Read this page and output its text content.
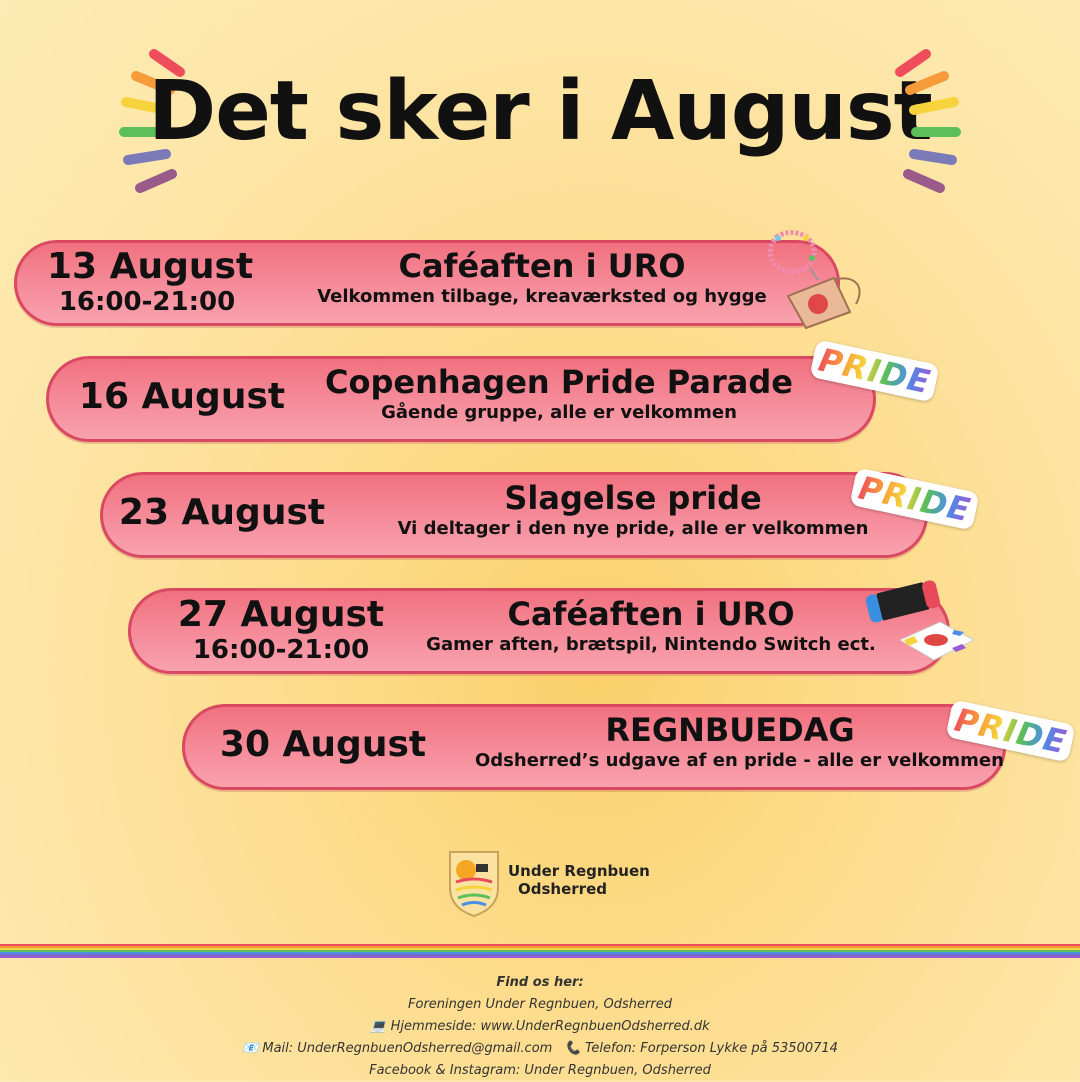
Det sker i August
13 August
16:00-21:00
Caféaften i URO
Velkommen tilbage, kreaværksted og hygge
16 August	Copenhagen Pride Parade
Gående gruppe, alle er velkommen
PRIDE
23 August	Slagelse pride
Vi deltager i den nye pride, alle er velkommen
PRIDE
27 August
16:00-21:00
Caféaften i URO
Gamer aften, brætspil, Nintendo Switch ect.
30 August	REGNBUEDAG
Odsherred’s udgave af en pride - alle er velkommen
PRIDE
Under Regnbuen
Odsherred
Find os her:
Foreningen Under Regnbuen, Odsherred
💻 Hjemmeside: www.UnderRegnbuenOdsherred.dk
📧 Mail: UnderRegnbuenOdsherred@gmail.com 📞 Telefon: Forperson Lykke på 53500714
Facebook & Instagram: Under Regnbuen, Odsherred
